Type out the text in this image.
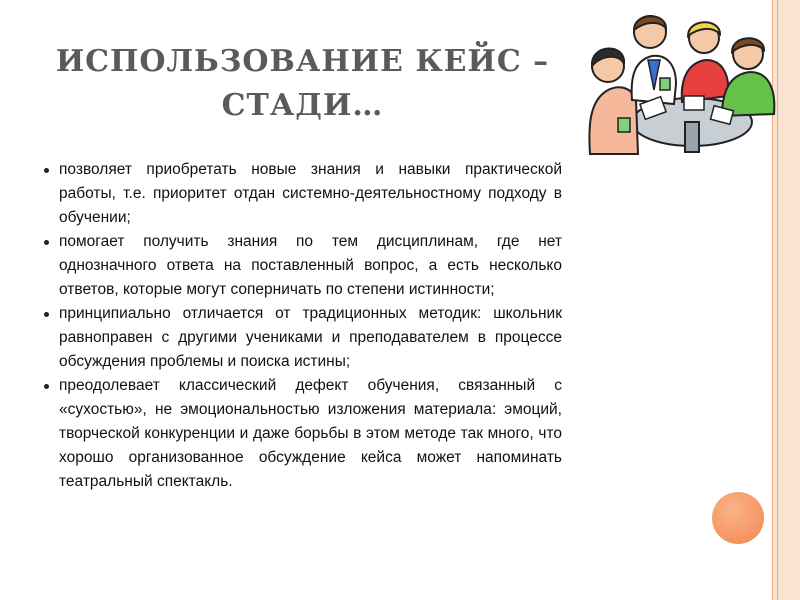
ИСПОЛЬЗОВАНИЕ КЕЙС – СТАДИ…
позволяет приобретать новые знания и навыки практической работы, т.е. приоритет отдан системно-деятельностному подходу в обучении;
помогает получить знания по тем дисциплинам, где нет однозначного ответа на поставленный вопрос, а есть несколько ответов, которые могут соперничать по степени истинности;
принципиально отличается от традиционных методик: школьник равноправен с другими учениками и преподавателем в процессе обсуждения проблемы и поиска истины;
преодолевает классический дефект обучения, связанный с «сухостью», не эмоциональностью изложения материала: эмоций, творческой конкуренции и даже борьбы в этом методе так много, что хорошо организованное обсуждение кейса может напоминать театральный спектакль.
